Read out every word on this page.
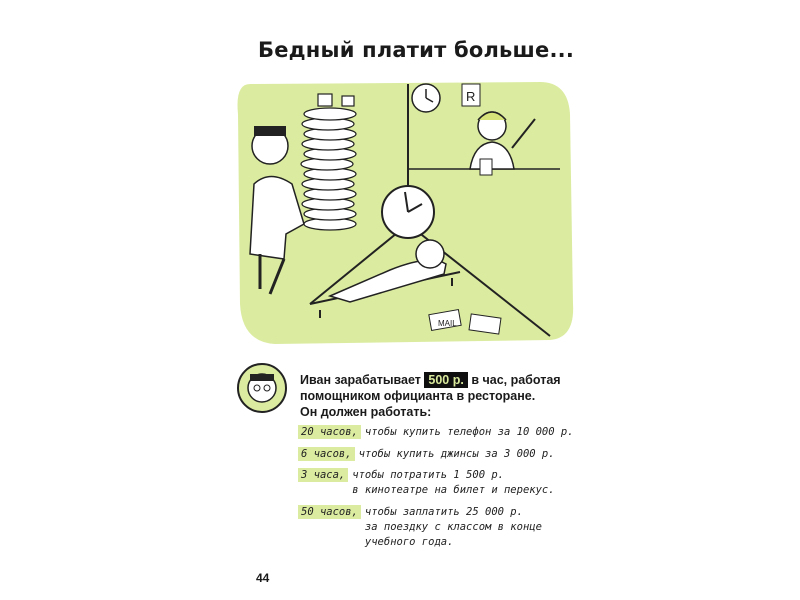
Бедный платит больше...
R
MAIL
Иван зарабатывает 500 р. в час, работая
помощником официанта в ресторане.
Он должен работать:
20 часов, чтобы купить телефон за 10 000 р.
6 часов, чтобы купить джинсы за 3 000 р.
3 часа, чтобы потратить 1 500 р.
в кинотеатре на билет и перекус.
50 часов, чтобы заплатить 25 000 р.
за поездку с классом в конце
учебного года.
44
